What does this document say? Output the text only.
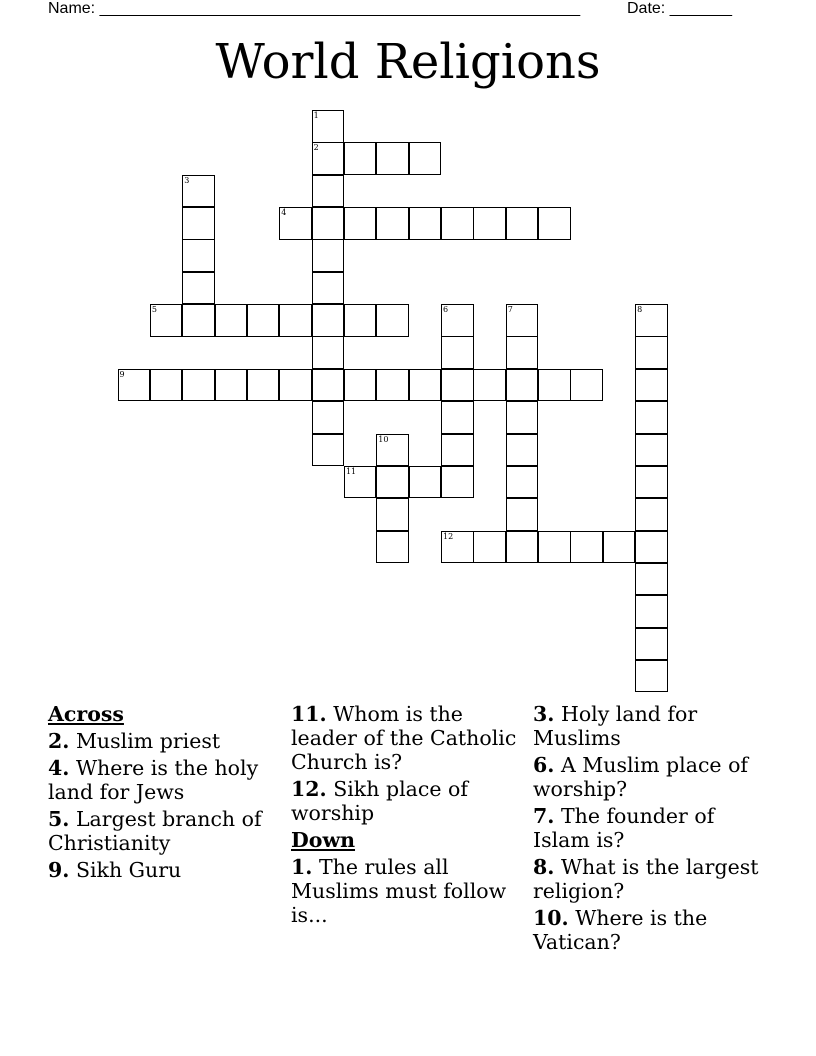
Name: ______________________________________________________	Date: _______
World Religions
1
2
3
4
5	6	7	8
9
10
11
12
Across
2. Muslim priest
4. Where is the holy land for Jews
5. Largest branch of Christianity
9. Sikh Guru
11. Whom is the leader of the Catholic Church is?
12. Sikh place of worship
Down
1. The rules all Muslims must follow is...
3. Holy land for Muslims
6. A Muslim place of worship?
7. The founder of Islam is?
8. What is the largest religion?
10. Where is the Vatican?
